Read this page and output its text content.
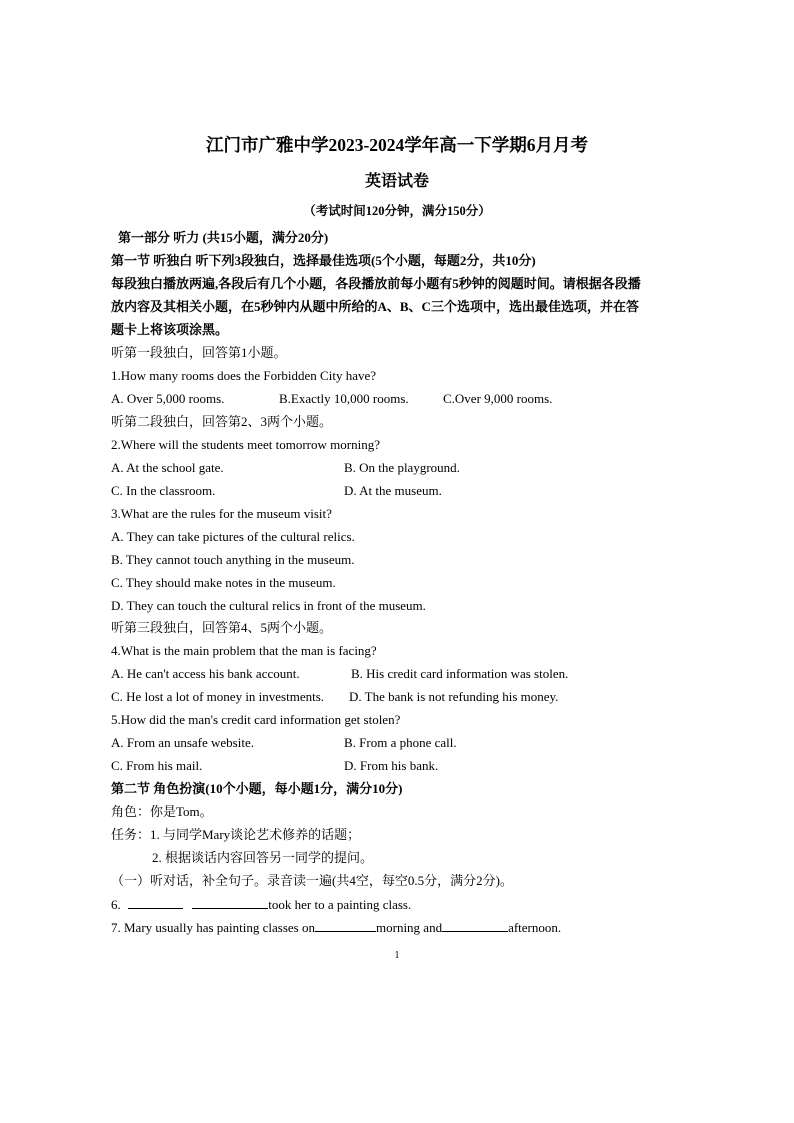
江门市广雅中学2023-2024学年高一下学期6月月考
英语试卷
（考试时间120分钟，满分150分）
第一部分 听力 (共15小题，满分20分)
第一节 听独白 听下列3段独白，选择最佳选项(5个小题，每题2分，共10分)
每段独白播放两遍,各段后有几个小题，各段播放前每小题有5秒钟的阅题时间。请根据各段播
放内容及其相关小题，在5秒钟内从题中所给的A、B、C三个选项中，选出最佳选项，并在答
题卡上将该项涂黑。
听第一段独白，回答第1小题。
1.How many rooms does the Forbidden City have?
A. Over 5,000 rooms.	B.Exactly 10,000 rooms.	C.Over 9,000 rooms.
听第二段独白，回答第2、3两个小题。
2.Where will the students meet tomorrow morning?
A. At the school gate.	B. On the playground.
C. In the classroom.	D. At the museum.
3.What are the rules for the museum visit?
A. They can take pictures of the cultural relics.
B. They cannot touch anything in the museum.
C. They should make notes in the museum.
D. They can touch the cultural relics in front of the museum.
听第三段独白，回答第4、5两个小题。
4.What is the main problem that the man is facing?
A. He can't access his bank account.	B. His credit card information was stolen.
C. He lost a lot of money in investments. D. The bank is not refunding his money.
5.How did the man's credit card information get stolen?
A. From an unsafe website.	B. From a phone call.
C. From his mail.	D. From his bank.
第二节 角色扮演(10个小题，每小题1分，满分10分)
角色：你是Tom。
任务：1. 与同学Mary谈论艺术修养的话题；
2. 根据谈话内容回答另一同学的提问。
（一）听对话，补全句子。录音读一遍(共4空，每空0.5分，满分2分)。
6.	took her to a painting class.
7. Mary usually has painting classes on	morning and	afternoon.
1
